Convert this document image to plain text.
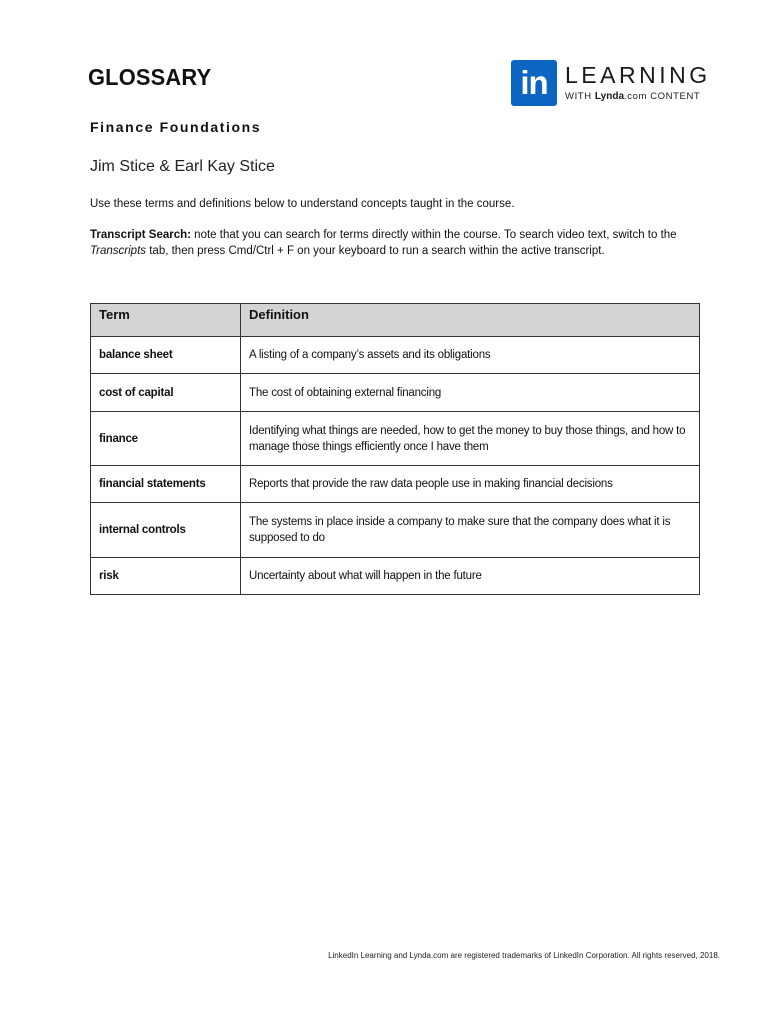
GLOSSARY	in LEARNING
WITH Lynda.com CONTENT
Finance Foundations
Jim Stice & Earl Kay Stice
Use these terms and definitions below to understand concepts taught in the course.
Transcript Search: note that you can search for terms directly within the course. To search video text, switch to the Transcripts tab, then press Cmd/Ctrl + F on your keyboard to run a search within the active transcript.
Term	Definition
balance sheet	A listing of a company’s assets and its obligations
cost of capital	The cost of obtaining external financing
finance	Identifying what things are needed, how to get the money to buy those things, and how to manage those things efficiently once I have them
financial statements	Reports that provide the raw data people use in making financial decisions
internal controls	The systems in place inside a company to make sure that the company does what it is supposed to do
risk	Uncertainty about what will happen in the future
LinkedIn Learning and Lynda.com are registered trademarks of LinkedIn Corporation. All rights reserved, 2018.
